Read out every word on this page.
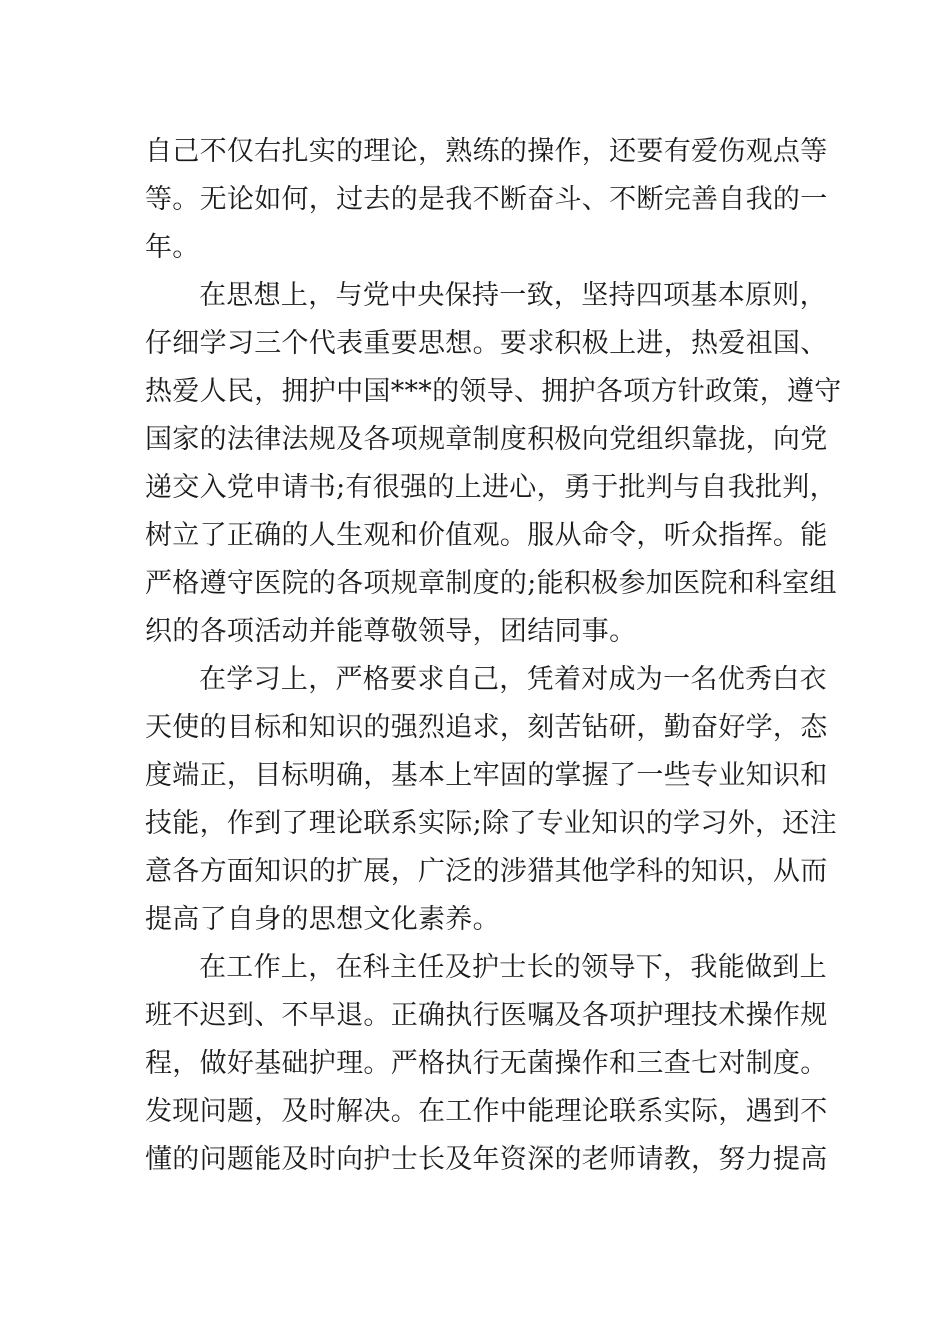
自己不仅右扎实的理论，熟练的操作，还要有爱伤观点等
等。无论如何，过去的是我不断奋斗、不断完善自我的一
年。
在思想上，与党中央保持一致，坚持四项基本原则，
仔细学习三个代表重要思想。要求积极上进，热爱祖国、
热爱人民，拥护中国***的领导、拥护各项方针政策，遵守
国家的法律法规及各项规章制度积极向党组织靠拢，向党
递交入党申请书;有很强的上进心，勇于批判与自我批判，
树立了正确的人生观和价值观。服从命令，听众指挥。能
严格遵守医院的各项规章制度的;能积极参加医院和科室组
织的各项活动并能尊敬领导，团结同事。
在学习上，严格要求自己，凭着对成为一名优秀白衣
天使的目标和知识的强烈追求，刻苦钻研，勤奋好学，态
度端正，目标明确，基本上牢固的掌握了一些专业知识和
技能，作到了理论联系实际;除了专业知识的学习外，还注
意各方面知识的扩展，广泛的涉猎其他学科的知识，从而
提高了自身的思想文化素养。
在工作上，在科主任及护士长的领导下，我能做到上
班不迟到、不早退。正确执行医嘱及各项护理技术操作规
程，做好基础护理。严格执行无菌操作和三查七对制度。
发现问题，及时解决。在工作中能理论联系实际，遇到不
懂的问题能及时向护士长及年资深的老师请教，努力提高
